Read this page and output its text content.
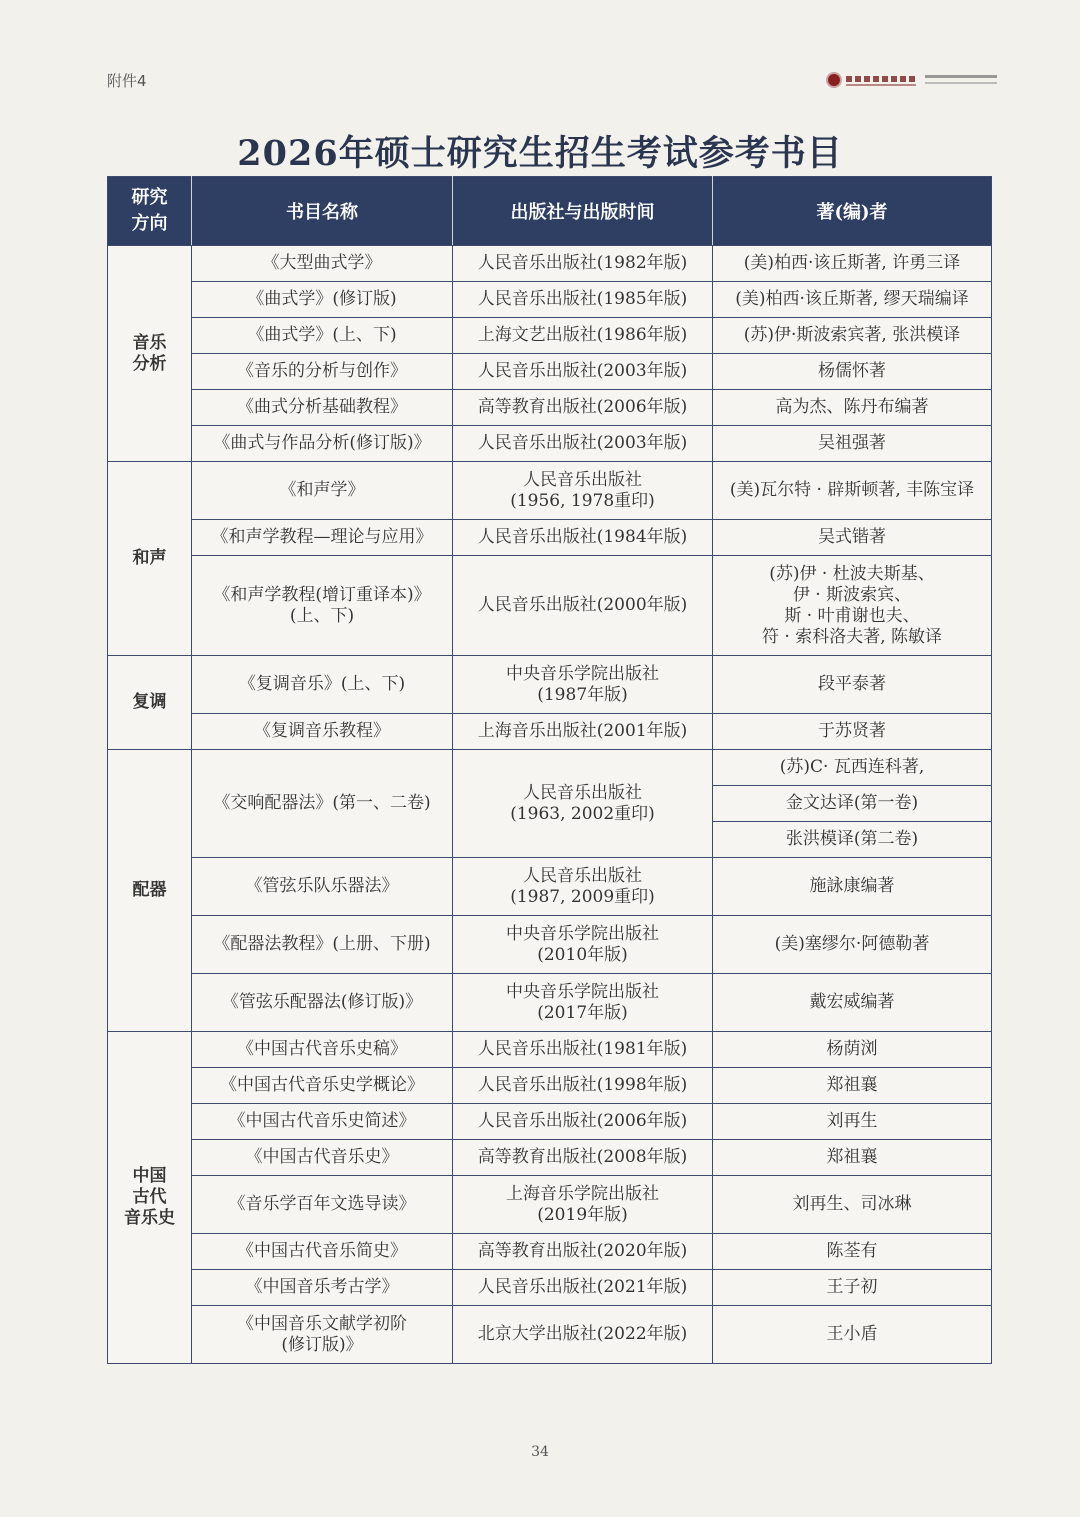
附件4
2026年硕士研究生招生考试参考书目
研究
方向	书目名称	出版社与出版时间	著(编)者
音乐
分析	《大型曲式学》	人民音乐出版社(1982年版)	(美)柏西·该丘斯著, 许勇三译
	《曲式学》(修订版)	人民音乐出版社(1985年版)	(美)柏西·该丘斯著, 缪天瑞编译
	《曲式学》(上、下)	上海文艺出版社(1986年版)	(苏)伊·斯波索宾著, 张洪模译
	《音乐的分析与创作》	人民音乐出版社(2003年版)	杨儒怀著
	《曲式分析基础教程》	高等教育出版社(2006年版)	高为杰、陈丹布编著
	《曲式与作品分析(修订版)》	人民音乐出版社(2003年版)	吴祖强著
和声	《和声学》	人民音乐出版社
(1956, 1978重印)	(美)瓦尔特 · 辟斯顿著, 丰陈宝译
	《和声学教程—理论与应用》	人民音乐出版社(1984年版)	吴式锴著
	《和声学教程(增订重译本)》
(上、下)	人民音乐出版社(2000年版)	(苏)伊 · 杜波夫斯基、
伊 · 斯波索宾、
斯 · 叶甫谢也夫、
符 · 索科洛夫著, 陈敏译
复调	《复调音乐》(上、下)	中央音乐学院出版社
(1987年版)	段平泰著
	《复调音乐教程》	上海音乐出版社(2001年版)	于苏贤著
配器	《交响配器法》(第一、二卷)	人民音乐出版社
(1963, 2002重印)	(苏)C· 瓦西连科著,
			金文达译(第一卷)
			张洪模译(第二卷)
	《管弦乐队乐器法》	人民音乐出版社
(1987, 2009重印)	施詠康编著
	《配器法教程》(上册、下册)	中央音乐学院出版社
(2010年版)	(美)塞缪尔·阿德勒著
	《管弦乐配器法(修订版)》	中央音乐学院出版社
(2017年版)	戴宏威编著
中国
古代
音乐史	《中国古代音乐史稿》	人民音乐出版社(1981年版)	杨荫浏
	《中国古代音乐史学概论》	人民音乐出版社(1998年版)	郑祖襄
	《中国古代音乐史简述》	人民音乐出版社(2006年版)	刘再生
	《中国古代音乐史》	高等教育出版社(2008年版)	郑祖襄
	《音乐学百年文选导读》	上海音乐学院出版社
(2019年版)	刘再生、司冰琳
	《中国古代音乐简史》	高等教育出版社(2020年版)	陈荃有
	《中国音乐考古学》	人民音乐出版社(2021年版)	王子初
	《中国音乐文献学初阶
(修订版)》	北京大学出版社(2022年版)	王小盾
34
